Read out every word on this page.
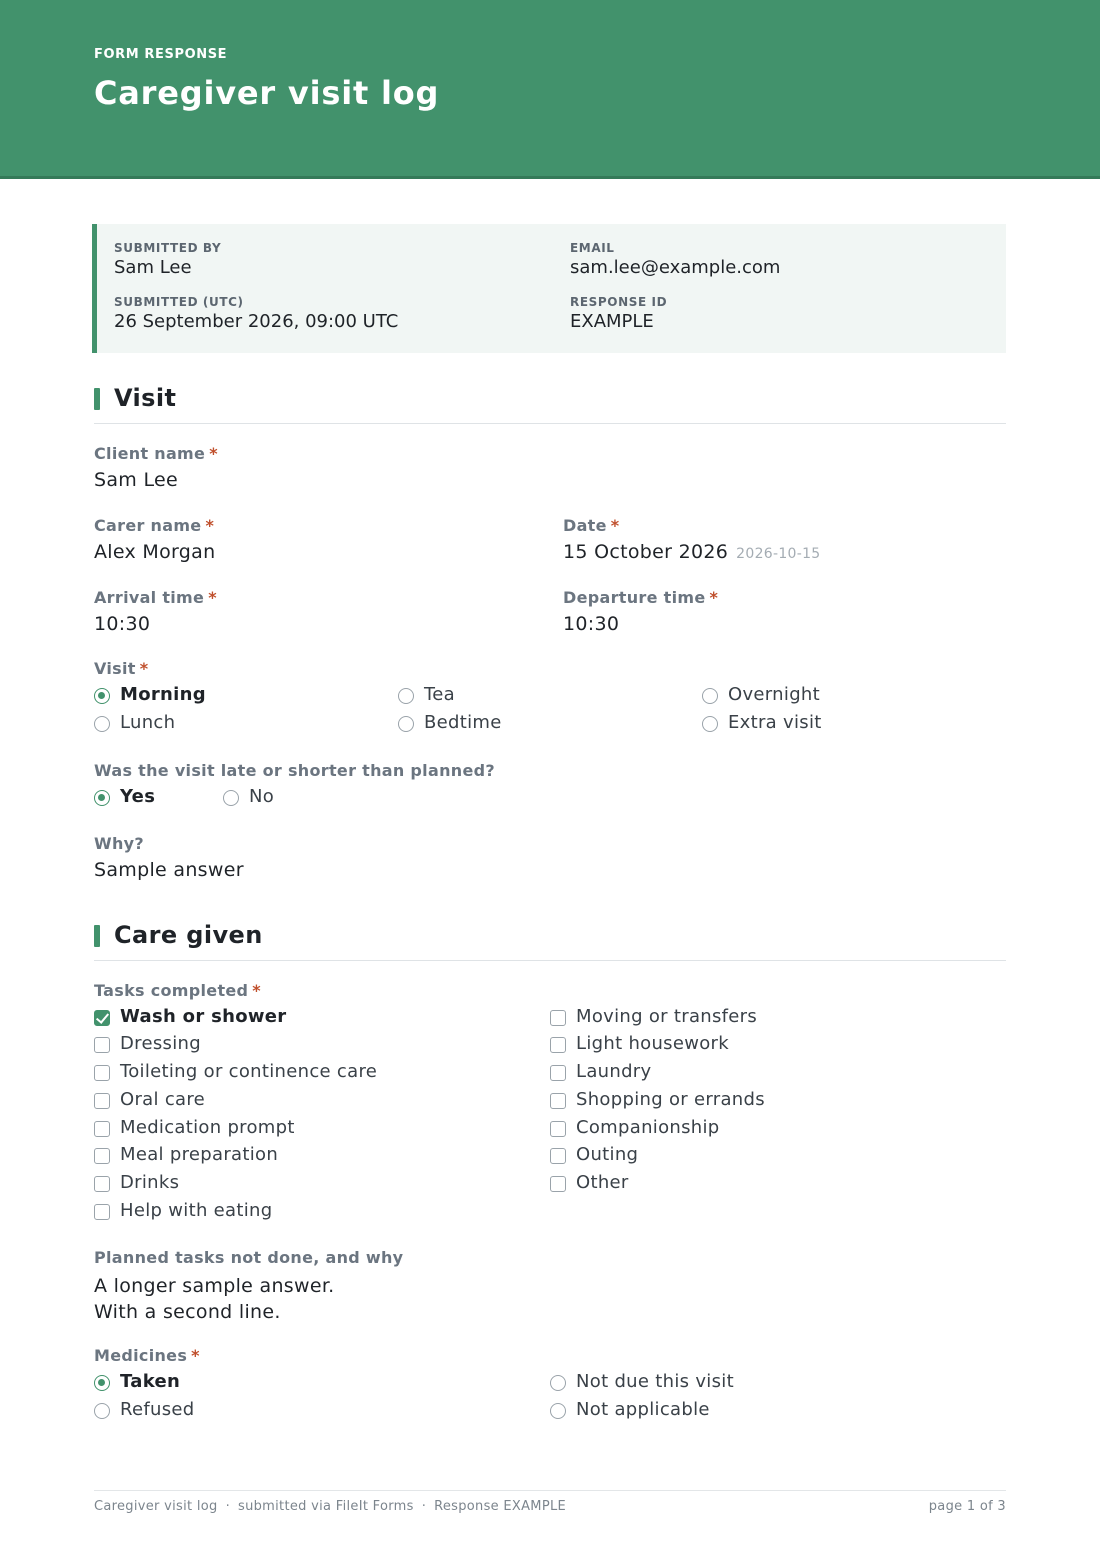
FORM RESPONSE
Caregiver visit log
SUBMITTED BY
Sam Lee
EMAIL
sam.lee@example.com
SUBMITTED (UTC)
26 September 2026, 09:00 UTC
RESPONSE ID
EXAMPLE
Visit
Client name *
Sam Lee
Carer name *
Alex Morgan
Date *
15 October 2026 2026-10-15
Arrival time *
10:30
Departure time *
10:30
Visit *
Morning	Tea	Overnight
Lunch	Bedtime	Extra visit
Was the visit late or shorter than planned?
Yes	No
Why?
Sample answer
Care given
Tasks completed *
Wash or shower
Dressing
Toileting or continence care
Oral care
Medication prompt
Meal preparation
Drinks
Help with eating
Moving or transfers
Light housework
Laundry
Shopping or errands
Companionship
Outing
Other
Planned tasks not done, and why
A longer sample answer.
With a second line.
Medicines *
Taken	Not due this visit
Refused	Not applicable
Caregiver visit log · submitted via FileIt Forms · Response EXAMPLE	page 1 of 3
